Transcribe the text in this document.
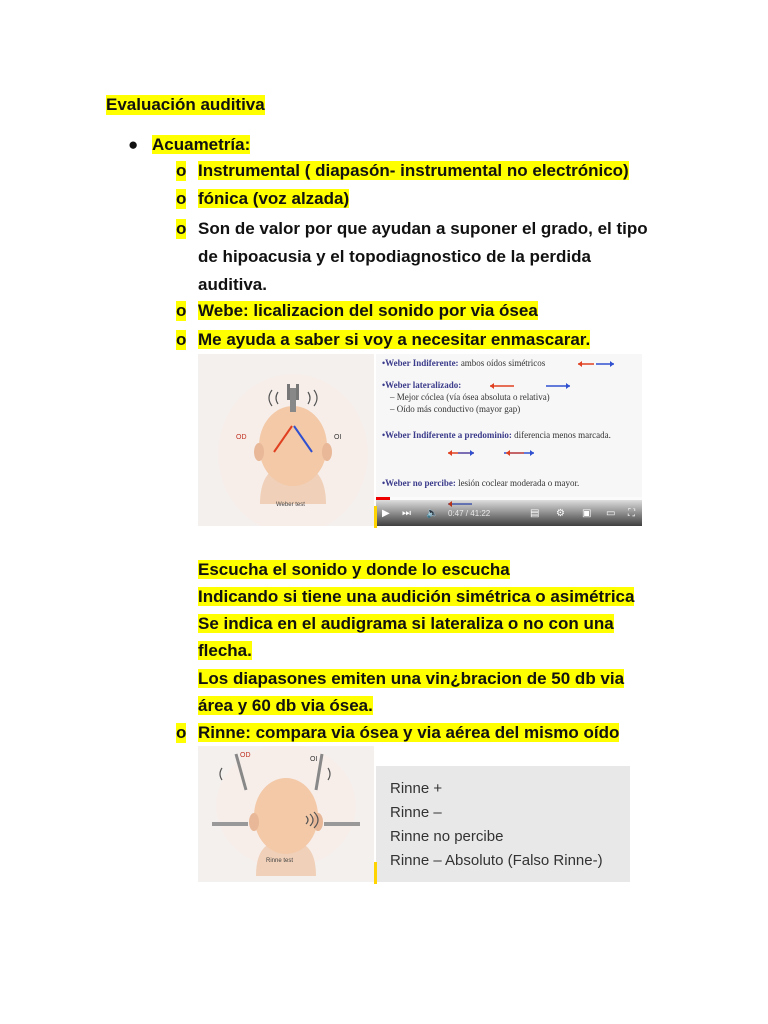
Evaluación auditiva
● Acuametría:
o Instrumental ( diapasón- instrumental no electrónico)
o fónica (voz alzada)
o Son de valor por que ayudan a suponer el grado, el tipo
de hipoacusia y el topodiagnostico de la perdida
auditiva.
o Webe: licalizacion del sonido por via ósea
o Me ayuda a saber si voy a necesitar enmascarar.
OD	OI
Weber test
•Weber Indiferente: ambos oídos simétricos
•Weber lateralizado:
– Mejor cóclea (vía ósea absoluta o relativa)
– Oído más conductivo (mayor gap)
•Weber Indiferente a predominio: diferencia menos marcada.
•Weber no percibe: lesión coclear moderada o mayor.
▶ ⏭ 🔈 0:47 / 41:22	▤ ⚙ ▣ ▭ ⛶
Escucha el sonido y donde lo escucha
Indicando si tiene una audición simétrica o asimétrica
Se indica en el audigrama si lateraliza o no con una
flecha.
Los diapasones emiten una vin¿bracion de 50 db via
área y 60 db via ósea.
o Rinne: compara via ósea y via aérea del mismo oído
OD
OI
Rinne test
Rinne +
Rinne –
Rinne no percibe
Rinne – Absoluto (Falso Rinne-)
